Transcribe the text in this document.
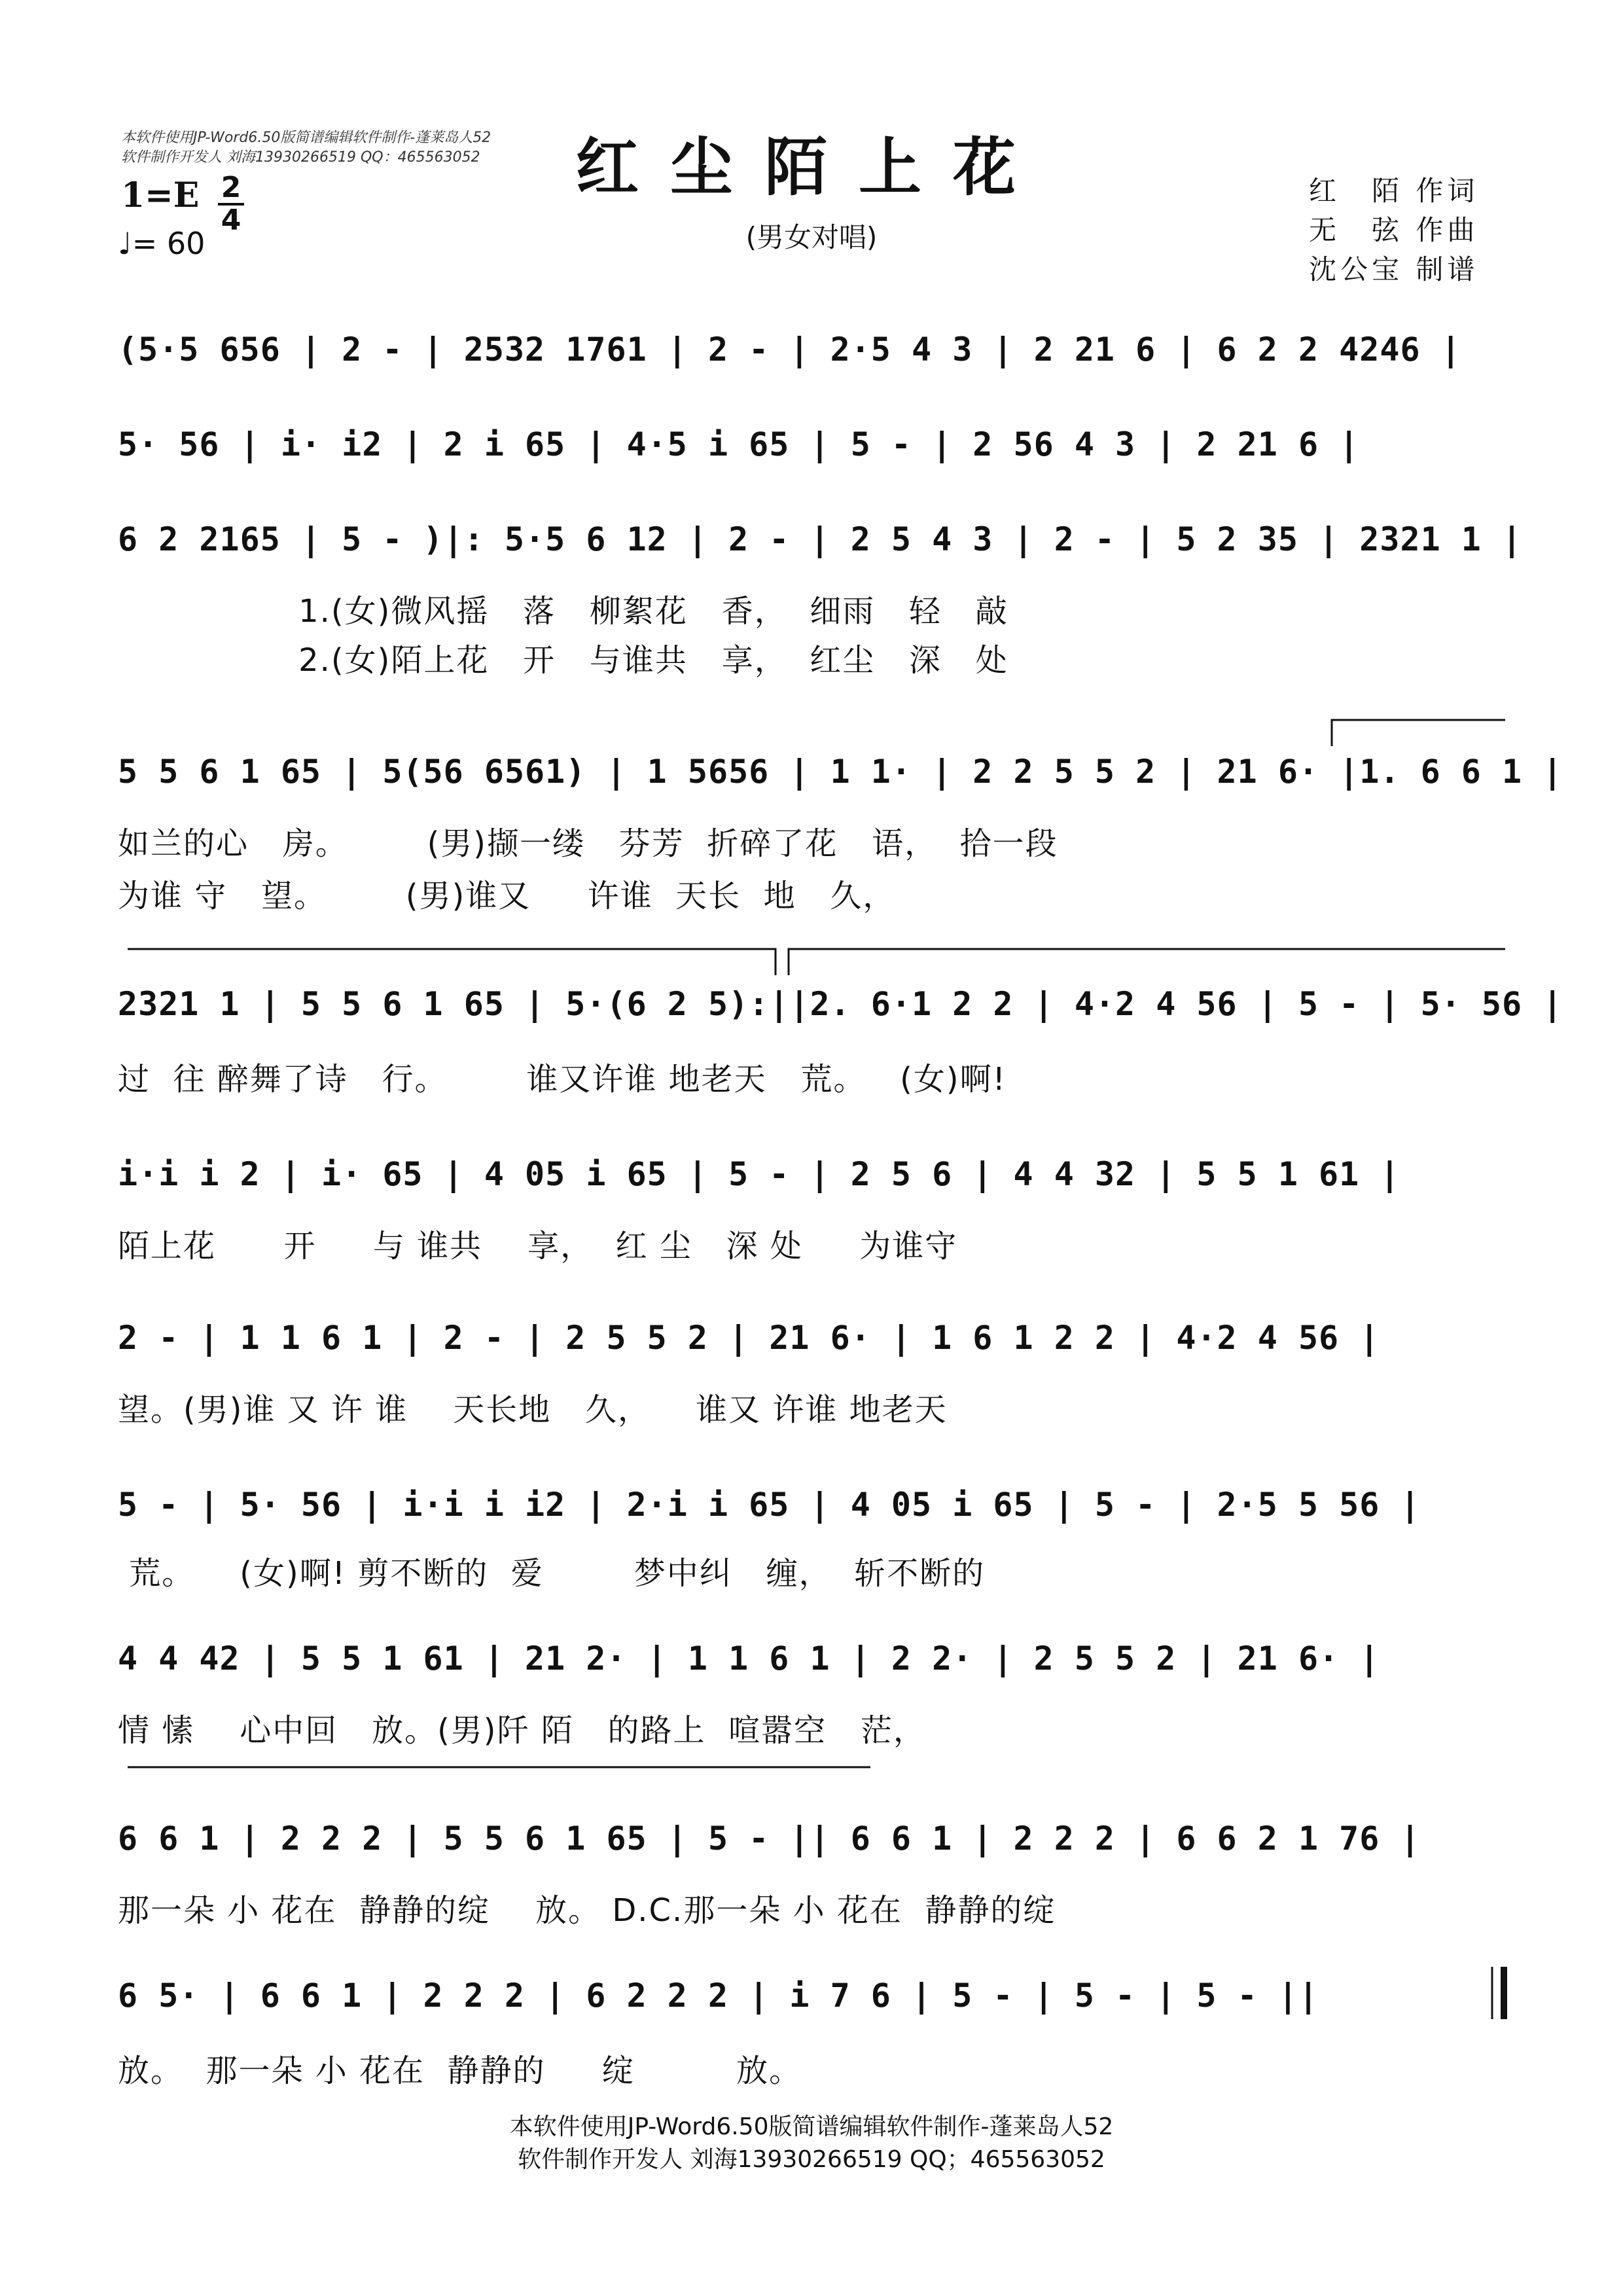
本软件使用JP-Word6.50版简谱编辑软件制作-蓬莱岛人52
软件制作开发人 刘海13930266519 QQ：465563052	红尘陌上花
(男女对唱)
1=E 2
4
♩= 60
红　陌 作词
无　弦 作曲
沈公宝 制谱
(5·5 656 | 2 - | 2532 1761 | 2 - | 2·5 4 3 | 2 21 6 | 6 2 2 4246 |
5· 56 | i· i2 | 2 i 65 | 4·5 i 65 | 5 - | 2 56 4 3 | 2 21 6 |
6 2 2165 | 5 - )|: 5·5 6 12 | 2 - | 2 5 4 3 | 2 - | 5 2 35 | 2321 1 |
1.(女)微风摇   落   柳絮花   香，  细雨   轻   敲
2.(女)陌上花   开   与谁共   享，  红尘   深   处
5 5 6 1 65 | 5(56 6561) | 1 5656 | 1 1· | 2 2 5 5 2 | 21 6· |1. 6 6 1 |
如兰的心   房。       (男)撷一缕   芬芳  折碎了花   语，  拾一段
为谁 守   望。       (男)谁又     许谁  天长  地   久，
2321 1 | 5 5 6 1 65 | 5·(6 2 5):||2. 6·1 2 2 | 4·2 4 56 | 5 - | 5· 56 |
过  往 醉舞了诗   行。       谁又许谁 地老天   荒。   (女)啊!
i·i i 2 | i· 65 | 4 05 i 65 | 5 - | 2 5 6 | 4 4 32 | 5 5 1 61 |
陌上花      开     与 谁共    享，  红 尘   深 处     为谁守
2 - | 1 1 6 1 | 2 - | 2 5 5 2 | 21 6· | 1 6 1 2 2 | 4·2 4 56 |
望。(男)谁 又 许 谁    天长地   久，    谁又 许谁 地老天
5 - | 5· 56 | i·i i i2 | 2·i i 65 | 4 05 i 65 | 5 - | 2·5 5 56 |
荒。    (女)啊! 剪不断的  爱        梦中纠   缠，  斩不断的
4 4 42 | 5 5 1 61 | 21 2· | 1 1 6 1 | 2 2· | 2 5 5 2 | 21 6· |
情 愫    心中回   放。(男)阡 陌   的路上  喧嚣空   茫，
6 6 1 | 2 2 2 | 5 5 6 1 65 | 5 - || 6 6 1 | 2 2 2 | 6 6 2 1 76 |
那一朵 小 花在  静静的绽    放。 D.C.那一朵 小 花在  静静的绽
6 5· | 6 6 1 | 2 2 2 | 6 2 2 2 | i 7 6 | 5 - | 5 - | 5 - ||
放。  那一朵 小 花在  静静的     绽         放。
本软件使用JP-Word6.50版简谱编辑软件制作-蓬莱岛人52
软件制作开发人 刘海13930266519 QQ；465563052
